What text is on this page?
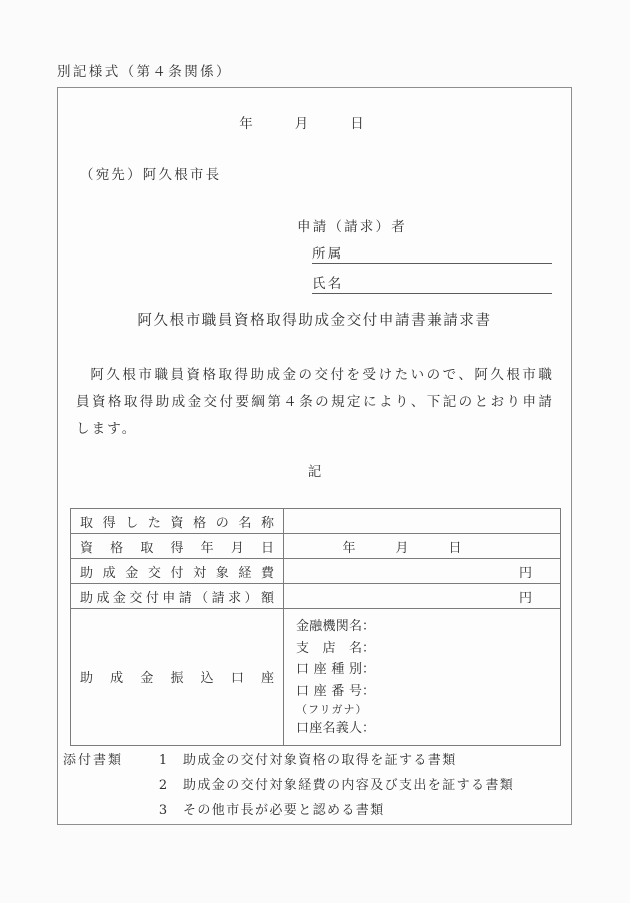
別記様式（第４条関係）
年	月	日
（宛先）阿久根市長
申請（請求）者
所属
氏名
阿久根市職員資格取得助成金交付申請書兼請求書
阿久根市職員資格取得助成金の交付を受けたいので、阿久根市職員資格取得助成金交付要綱第４条の規定により、下記のとおり申請します。
記
取得した資格の名称	

資格取得年月日	年 月 日

助成金交付対象経費	円

助成金交付申請（請求）額	円

助成金振込口座

金融機関名：
支店名：
口座種別：
口座番号：
（フリガナ）
口座名義人：
添付書類	1	助成金の交付対象資格の取得を証する書類
2	助成金の交付対象経費の内容及び支出を証する書類
3	その他市長が必要と認める書類
